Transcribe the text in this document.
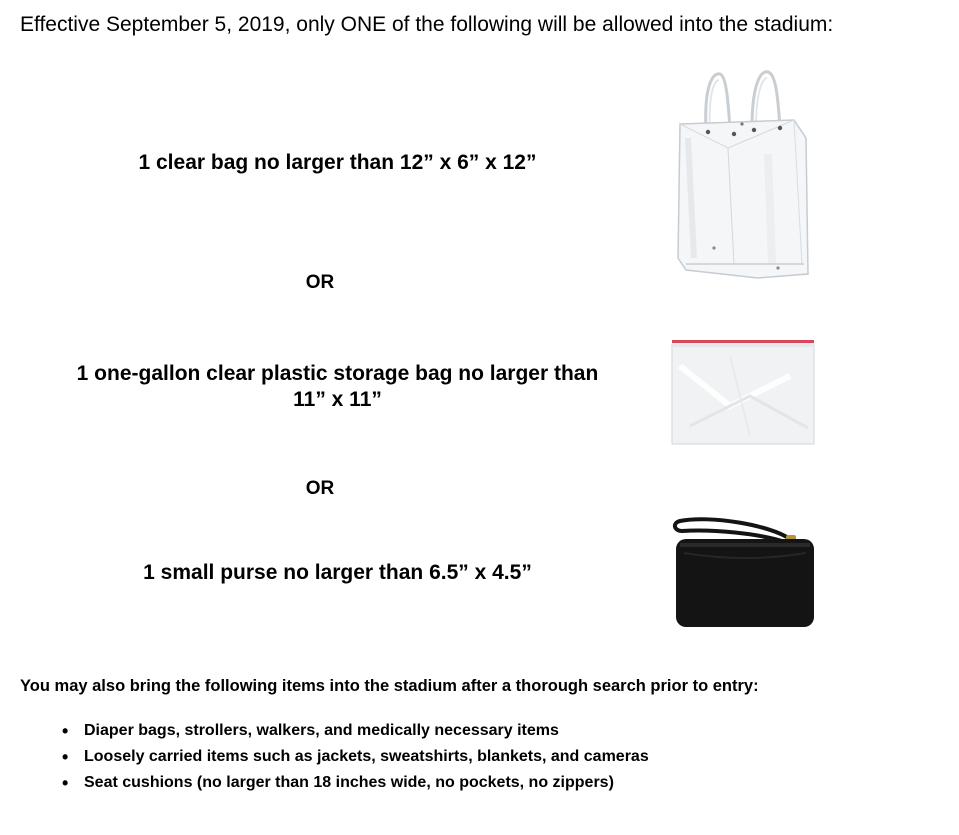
Effective September 5, 2019, only ONE of the following will be allowed into the stadium:
1 clear bag no larger than 12” x 6” x 12”
OR
1 one-gallon clear plastic storage bag no larger than 11” x 11”
OR
1 small purse no larger than 6.5” x 4.5”
You may also bring the following items into the stadium after a thorough search prior to entry:
• Diaper bags, strollers, walkers, and medically necessary items
• Loosely carried items such as jackets, sweatshirts, blankets, and cameras
• Seat cushions (no larger than 18 inches wide, no pockets, no zippers)
